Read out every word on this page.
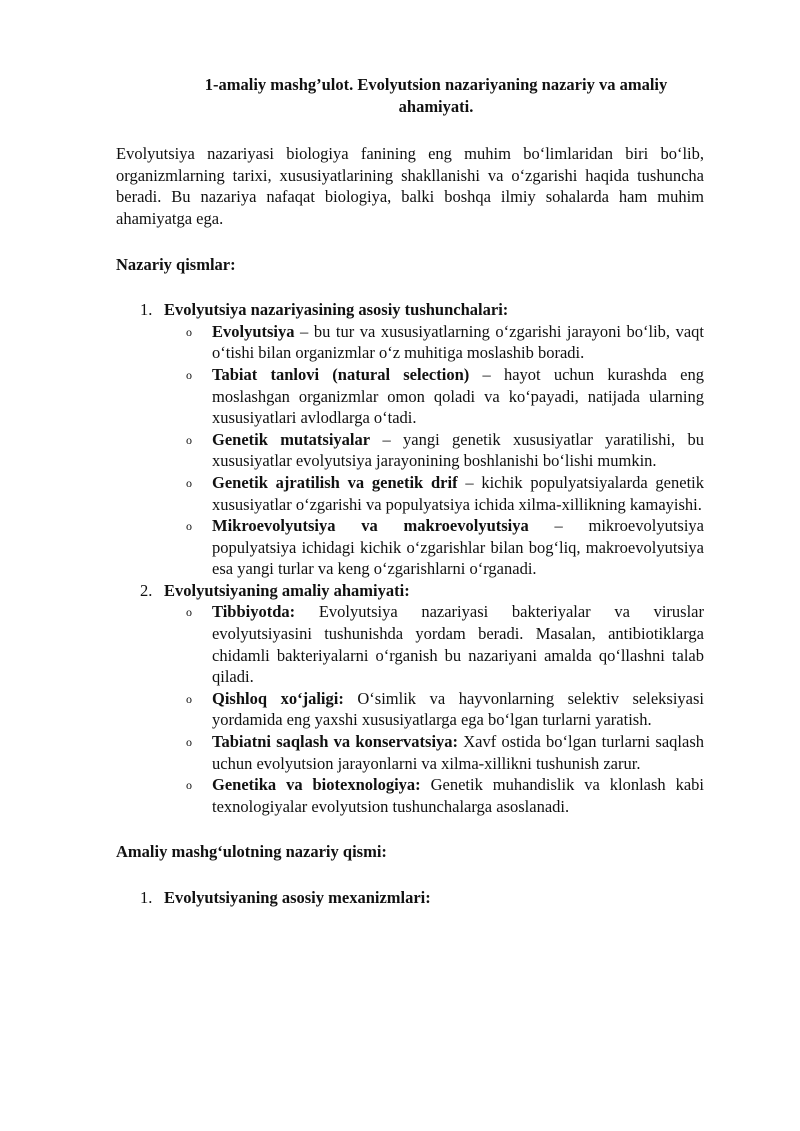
1-amaliy mashg’ulot. Evolyutsion nazariyaning nazariy va amaliy ahamiyati.

Evolyutsiya nazariyasi biologiya fanining eng muhim bo‘limlaridan biri bo‘lib, organizmlarning tarixi, xususiyatlarining shakllanishi va o‘zgarishi haqida tushuncha beradi. Bu nazariya nafaqat biologiya, balki boshqa ilmiy sohalarda ham muhim ahamiyatga ega.

Nazariy qismlar:

1. Evolyutsiya nazariyasining asosiy tushunchalari:
o Evolyutsiya – bu tur va xususiyatlarning o‘zgarishi jarayoni bo‘lib, vaqt o‘tishi bilan organizmlar o‘z muhitiga moslashib boradi.
o Tabiat tanlovi (natural selection) – hayot uchun kurashda eng moslashgan organizmlar omon qoladi va ko‘payadi, natijada ularning xususiyatlari avlodlarga o‘tadi.
o Genetik mutatsiyalar – yangi genetik xususiyatlar yaratilishi, bu xususiyatlar evolyutsiya jarayonining boshlanishi bo‘lishi mumkin.
o Genetik ajratilish va genetik drif – kichik populyatsiyalarda genetik xususiyatlar o‘zgarishi va populyatsiya ichida xilma-xillikning kamayishi.
o Mikroevolyutsiya va makroevolyutsiya – mikroevolyutsiya populyatsiya ichidagi kichik o‘zgarishlar bilan bog‘liq, makroevolyutsiya esa yangi turlar va keng o‘zgarishlarni o‘rganadi.
2. Evolyutsiyaning amaliy ahamiyati:
o Tibbiyotda: Evolyutsiya nazariyasi bakteriyalar va viruslar evolyutsiyasini tushunishda yordam beradi. Masalan, antibiotiklarga chidamli bakteriyalarni o‘rganish bu nazariyani amalda qo‘llashni talab qiladi.
o Qishloq xo‘jaligi: O‘simlik va hayvonlarning selektiv seleksiyasi yordamida eng yaxshi xususiyatlarga ega bo‘lgan turlarni yaratish.
o Tabiatni saqlash va konservatsiya: Xavf ostida bo‘lgan turlarni saqlash uchun evolyutsion jarayonlarni va xilma-xillikni tushunish zarur.
o Genetika va biotexnologiya: Genetik muhandislik va klonlash kabi texnologiyalar evolyutsion tushunchalarga asoslanadi.

Amaliy mashg‘ulotning nazariy qismi:

1. Evolyutsiyaning asosiy mexanizmlari:
